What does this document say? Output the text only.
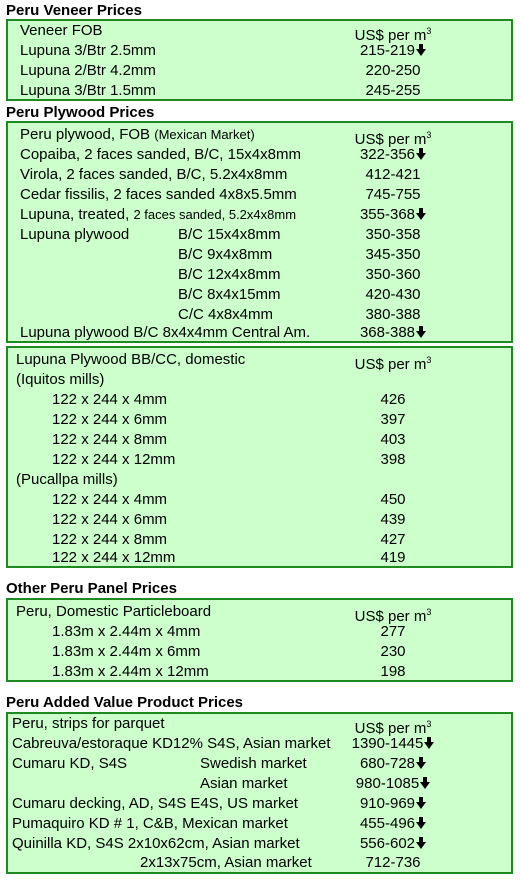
Peru Veneer Prices
Veneer FOB	US$ per $m^3$
Lupuna 3/Btr 2.5mm	215-219
Lupuna 2/Btr 4.2mm	220-250
Lupuna 3/Btr 1.5mm	245-255
Peru Plywood Prices
Peru plywood, FOB (Mexican Market)	US$ per $m^3$
Copaiba, 2 faces sanded, B/C, 15x4x8mm	322-356
Virola, 2 faces sanded, B/C, 5.2x4x8mm	412-421
Cedar fissilis, 2 faces sanded 4x8x5.5mm	745-755
Lupuna, treated, 2 faces sanded, 5.2x4x8mm	355-368
Lupuna plywood	B/C 15x4x8mm	350-358
B/C 9x4x8mm	345-350
B/C 12x4x8mm	350-360
B/C 8x4x15mm	420-430
C/C 4x8x4mm	380-388
Lupuna plywood B/C 8x4x4mm Central Am.	368-388
Lupuna Plywood BB/CC, domestic	US$ per $m^3$
(Iquitos mills)
122 x 244 x 4mm	426
122 x 244 x 6mm	397
122 x 244 x 8mm	403
122 x 244 x 12mm	398
(Pucallpa mills)
122 x 244 x 4mm	450
122 x 244 x 6mm	439
122 x 244 x 8mm	427
122 x 244 x 12mm	419
Other Peru Panel Prices
Peru, Domestic Particleboard	US$ per $m^3$
1.83m x 2.44m x 4mm	277
1.83m x 2.44m x 6mm	230
1.83m x 2.44m x 12mm	198
Peru Added Value Product Prices
Peru, strips for parquet	US$ per $m^3$
Cabreuva/estoraque KD12% S4S, Asian market	1390-1445
Cumaru KD, S4S	Swedish market	680-728
Asian market	980-1085
Cumaru decking, AD, S4S E4S, US market	910-969
Pumaquiro KD # 1, C&B, Mexican market	455-496
Quinilla KD, S4S 2x10x62cm, Asian market	556-602
2x13x75cm, Asian market	712-736
